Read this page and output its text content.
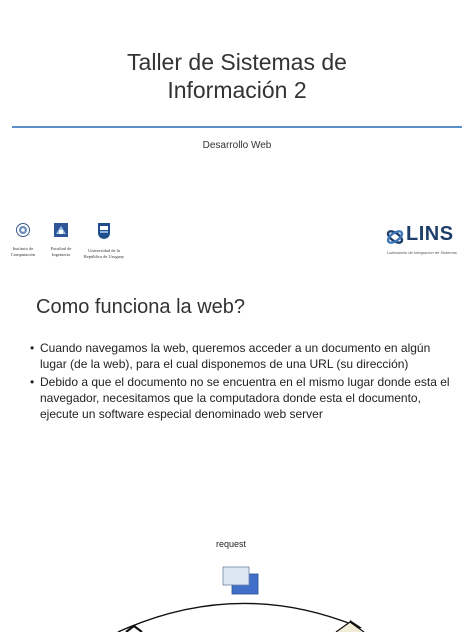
Taller de Sistemas de
Información 2
Desarrollo Web
Instituto de
Computación
Facultad de
Ingeniería
Universidad de la
República de Uruguay
LINS
Laboratorio de Integración de Sistemas
Como funciona la web?
• Cuando navegamos la web, queremos acceder a un documento en algún lugar (de la web), para el cual disponemos de una URL (su dirección)
• Debido a que el documento no se encuentra en el mismo lugar donde esta el navegador, necesitamos que la computadora donde esta el documento, ejecute un software especial denominado web server
request
